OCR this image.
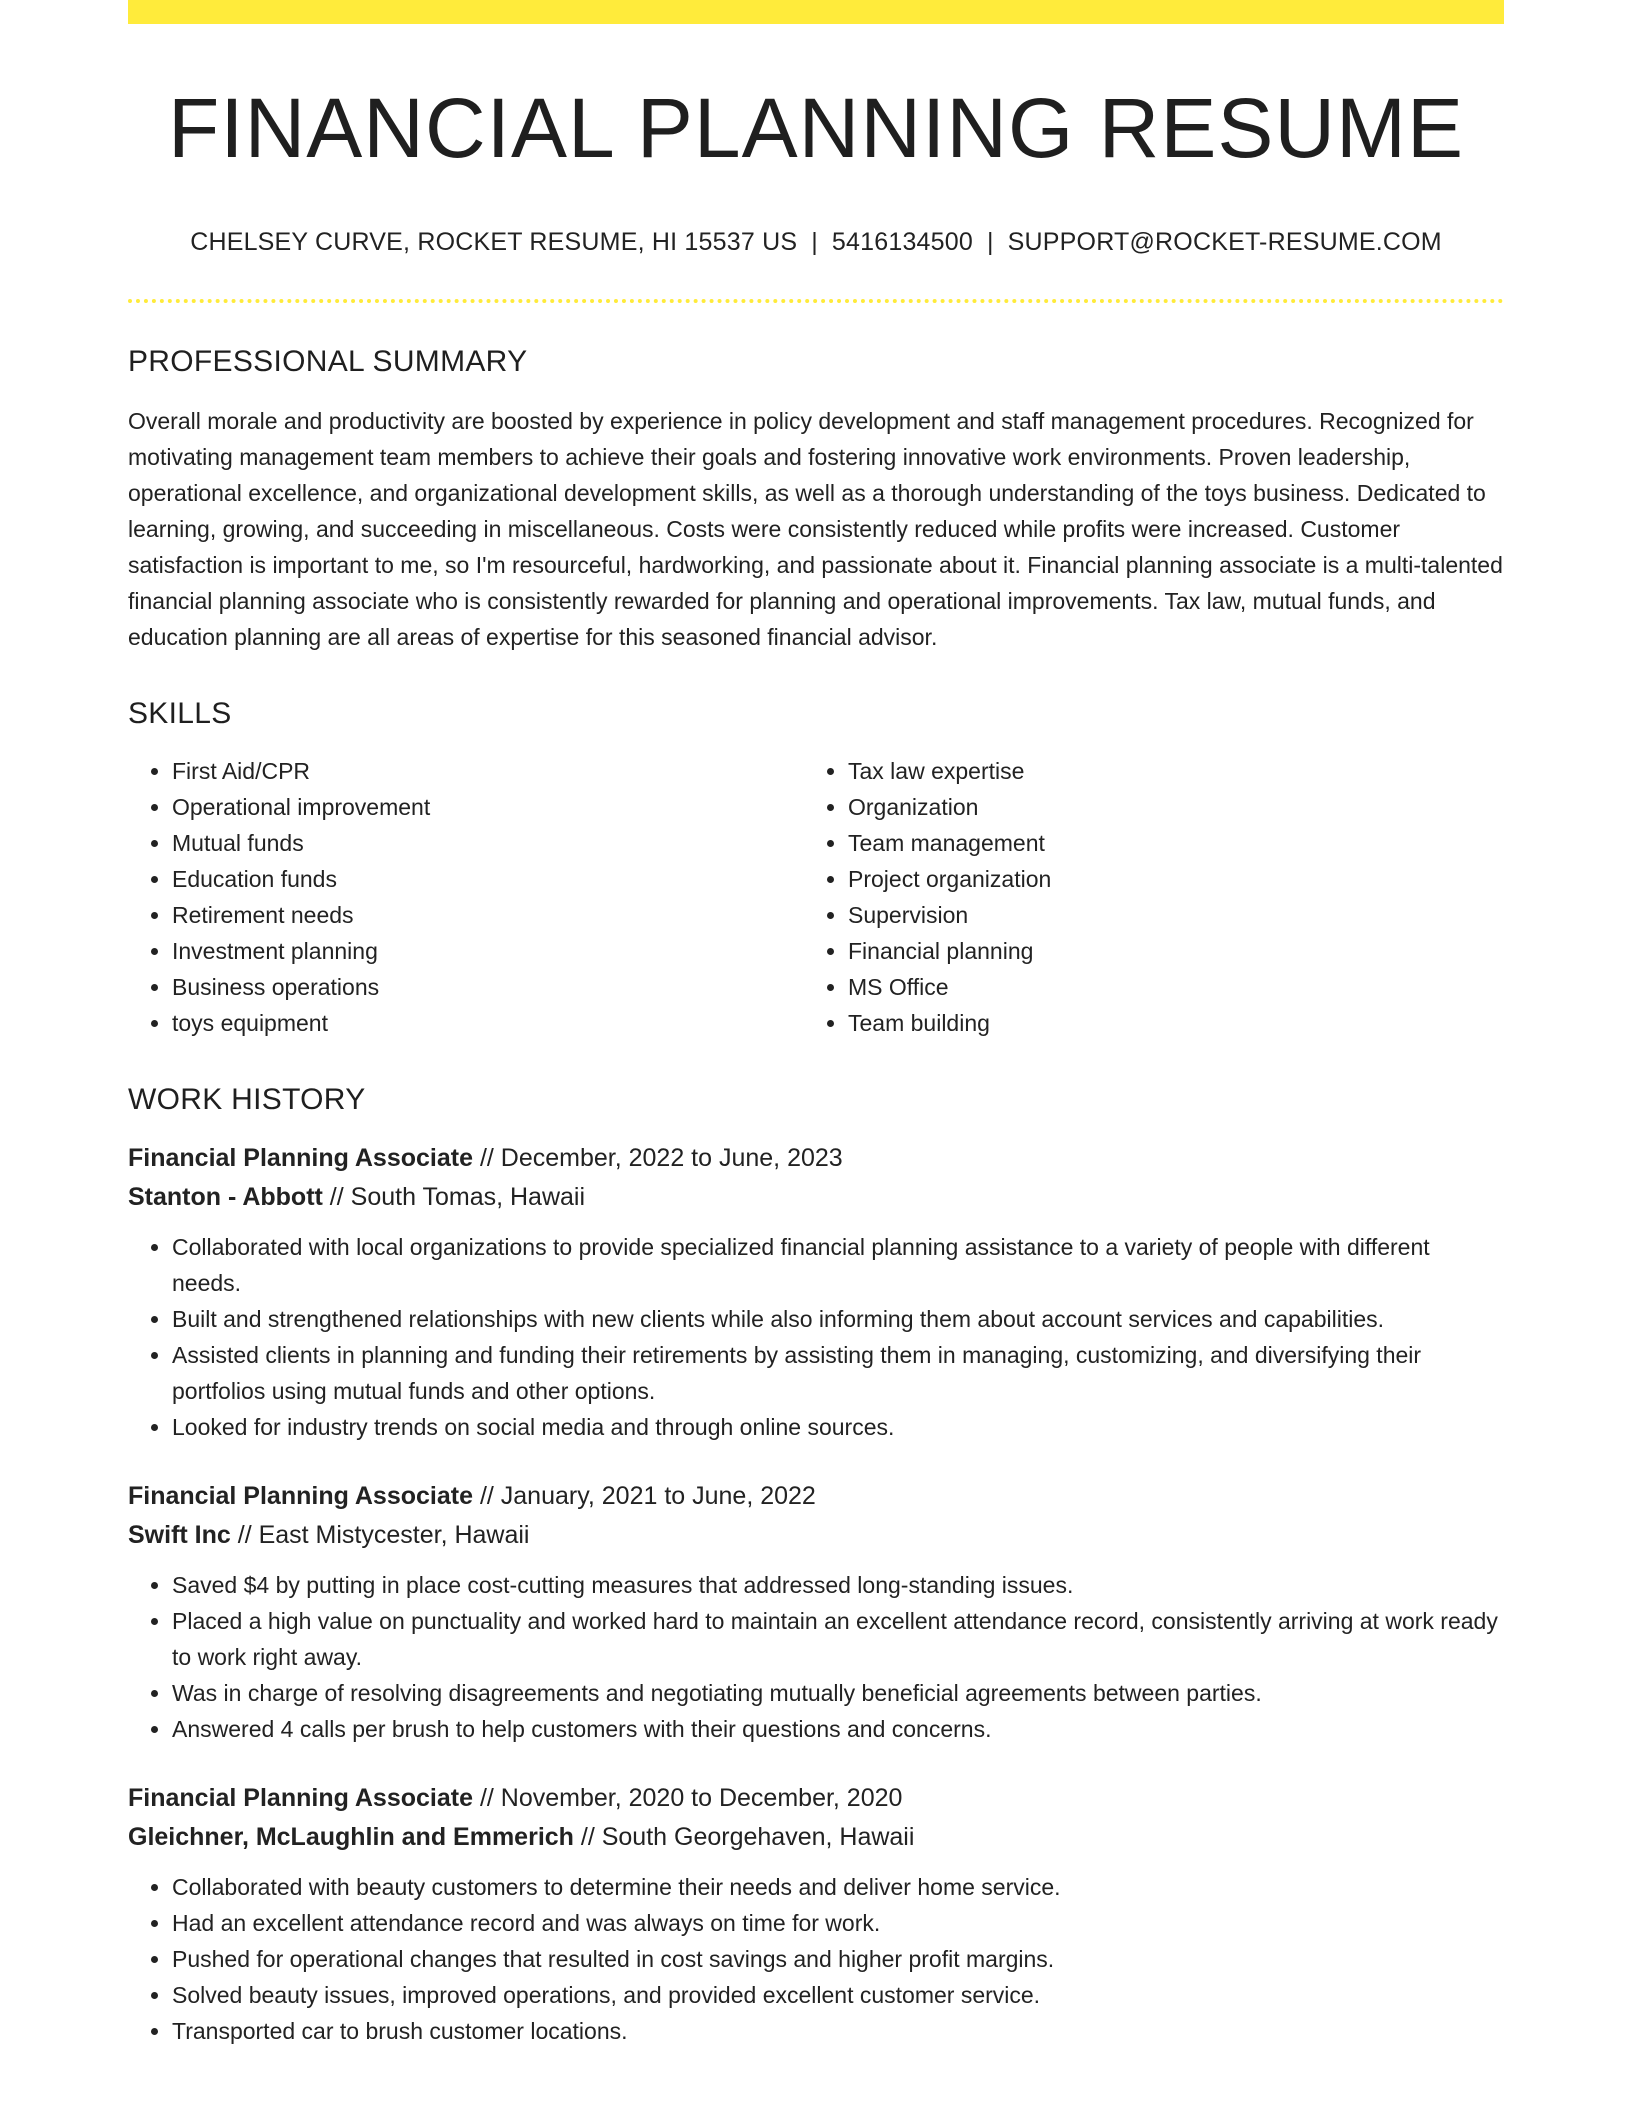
FINANCIAL PLANNING RESUME
CHELSEY CURVE, ROCKET RESUME, HI 15537 US | 5416134500 | SUPPORT@ROCKET-RESUME.COM
PROFESSIONAL SUMMARY

Overall morale and productivity are boosted by experience in policy development and staff management procedures. Recognized for motivating management team members to achieve their goals and fostering innovative work environments. Proven leadership, operational excellence, and organizational development skills, as well as a thorough understanding of the toys business. Dedicated to learning, growing, and succeeding in miscellaneous. Costs were consistently reduced while profits were increased. Customer satisfaction is important to me, so I'm resourceful, hardworking, and passionate about it. Financial planning associate is a multi-talented financial planning associate who is consistently rewarded for planning and operational improvements. Tax law, mutual funds, and education planning are all areas of expertise for this seasoned financial advisor.

SKILLS
• First Aid/CPR
• Operational improvement
• Mutual funds
• Education funds
• Retirement needs
• Investment planning
• Business operations
• toys equipment
• Tax law expertise
• Organization
• Team management
• Project organization
• Supervision
• Financial planning
• MS Office
• Team building
WORK HISTORY
Financial Planning Associate // December, 2022 to June, 2023
Stanton - Abbott // South Tomas, Hawaii
• Collaborated with local organizations to provide specialized financial planning assistance to a variety of people with different needs.
• Built and strengthened relationships with new clients while also informing them about account services and capabilities.
• Assisted clients in planning and funding their retirements by assisting them in managing, customizing, and diversifying their portfolios using mutual funds and other options.
• Looked for industry trends on social media and through online sources.
Financial Planning Associate // January, 2021 to June, 2022
Swift Inc // East Mistycester, Hawaii
• Saved $4 by putting in place cost-cutting measures that addressed long-standing issues.
• Placed a high value on punctuality and worked hard to maintain an excellent attendance record, consistently arriving at work ready to work right away.
• Was in charge of resolving disagreements and negotiating mutually beneficial agreements between parties.
• Answered 4 calls per brush to help customers with their questions and concerns.
Financial Planning Associate // November, 2020 to December, 2020
Gleichner, McLaughlin and Emmerich // South Georgehaven, Hawaii
• Collaborated with beauty customers to determine their needs and deliver home service.
• Had an excellent attendance record and was always on time for work.
• Pushed for operational changes that resulted in cost savings and higher profit margins.
• Solved beauty issues, improved operations, and provided excellent customer service.
• Transported car to brush customer locations.
